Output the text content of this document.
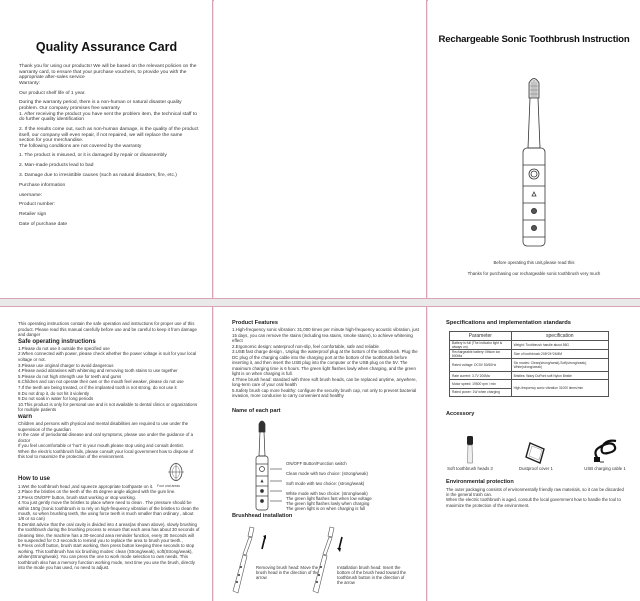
Quality Assurance Card

Thank you for using our products! We will be based on the relevant policies on the warranty card, to ensure that your purchase vouchers, to provide you with the appropriate after-sales service
Warranty:

Our product shelf life of 1 year.

During the warranty period, there is a non-human or natural disaster quality problem. Our company promises free warranty

1. After receiving the product you have sent the problem item, the technical staff to do further quality identification

2. If the results come out, such as non-human damage, is the quality of the product itself, our company will even repair, if not repaired, we will replace the same section for your merchandise.

The following conditions are not covered by the warranty

1. The product is misused, or it is damaged by repair or disassembly

2. Man-made products lead to bad

3. Damage due to irresistible causes (such as natural disasters, fire, etc.)

Purchase information

username:

Product number:

Retailer sign

Date of purchase date

Rechargeable Sonic Toothbrush Instruction
Before operating this unit,please read this
Thanks for purchasing our rechargeable sonic toothbrush very much
This operating instructions contain the safe operation and instructions for proper use of this product. Please read this manual carefully before use and be careful to keep it from damage and danger
Safe operating instructions
1.Please do not use it outside the specified use
2.When connected with power, please check whether the power voltage is suit for your local voltage or not.
3.Please use original charger to avoid dangerous
4.Please avoid abrasives with whitening and removing tooth stains to use together
5.Please do not high strength use for teeth and gums
6.Children and can not operate their own or the mouth feel weaker, please do not use
7.If the teeth are being treated, or if the implanted tooth is not strong, do not use it
8.Do not drop it, do not hit it violently
9.Do not soak in water for long periods
10.This product is only for personal use and is not available to dental clinics or organizations for multiple patients
warn
Children and persons with physical and mental disabilities are required to use under the supervision of the guardian
In the case of periodontal disease and oral symptoms, please use under the guidance of a doctor
If you feel uncomfortable or 'hurt' in your mouth,please stop using and consult dentist.
When the electric toothbrush fails, please consult your local government how to dispose of this tool to maximize the protection of the environment.
Four oral areas
How to use
1.Wet the toothbrush head ,and squeeze appropriate toothpaste on it.
2.Place the bristles on the teeth of the 45 degree angle aligned with the gum line.
3.Press ON/OFF button, brush start working or stop working.
4.You just gently move the bristles to place where need to clean . The pressure should be within 150g (Sonic toothbrush is to rely on high-frequency vibration of the bristles to clean the mouth, so when brushing teeth, the using force teeth is much smaller than ordinary , about 1/8 or so can)
5.Dentist advice that the oral cavity is divided into 4 areas(as shown above), slowly brushing the toothbrush during the brushing process to ensure that each area has about 30 seconds of cleaning time, the machine has a 30-second area reminder function, every 30 Seconds will be suspended for 0.3 seconds to remind you to replace the area to brush your teeth.,
6.Press on/off button, brush start working, then press button keeping three seconds to stop working. This toothbrush has six brushing modes: clean (Strong/weak), soft(Strong/weak), whiten(Strong/weak). You can press the one to work mode selection to own needs. This toothbrush also has a memory function working mode, next time you use the brush, directly into the mode you has used, no need to adjust.
Product Features
1.High-frequency sonic vibration: 31,000 times per minute high-frequency acoustic vibration, just 15 days, you can remove the stains (including tea stains, smoke stains), to achieve whitening effect
2.Ergonomic design: waterproof non-slip, feel comfortable, safe and reliable
3.USB fast charge design , Unplug the waterproof plug at the bottom of the toothbrush. Plug the DC plug of the charging cable into the charging port at the bottom of the toothbrush before inserting it, and then insert the USB plug into the computer or the USB plug on the 5V. The maximum charging time is 6 hours. The green light flashes lowly when charging, and the green light is on when charging is full.
4.Three brush head: standard with three soft brush heads, can be replaced anytime, anywhere, long-term care of your oral health
5.Safety brush cap more healthy: configure the security brush cap, not only to prevent bacterial invasion, more conducive to carry convenient and healthy
Name of each part
ON/OFF Button/Function switch
Clean mode with two choice: (strong/weak)
Soft mode with two choice: (strong/weak)
White mode with two choice: (strong/weak)
The green light flashes fast when low voltage
The green light flashes lowly when charging
The green light is on when charging is full
Brushhead installation
Removing brush head: Move the brush head in the direction of the arrow
Installation brush head: Insert the bottom of the brush head toward the toothbrush button in the direction of the arrow
Specifications and implementation standards
Parameter	specification
Battery is full (The indicator light is always on)	Weight: Toothbrush handle about 56G
Rechargeable battery: lithium ion 800Ma	Size of toothbrush:208*24*24MM
Rated voltage: DC5V 50/60Hz	Six modes: Clean(strong/weak),Soft(strong/weak), White(strong/weak)
Rate current: 3.7V 200Ma	Bristles: Wavy DuPont soft Nylon Bristle
Motor speed: 19500 rpm / min	High-frequency sonic vibration 31000 times/min
Rated power: 1W when charging	
Accessory
Soft toothbrush heads 3	Dustproof cover 1	USB charging cable 1
Environmental protection
The outer packaging consists of environmentally friendly raw materials, so it can be discarded in the general trash can.
When the electric toothbrush is aged, consult the local government how to handle the tool to maximize the protection of the environment.
